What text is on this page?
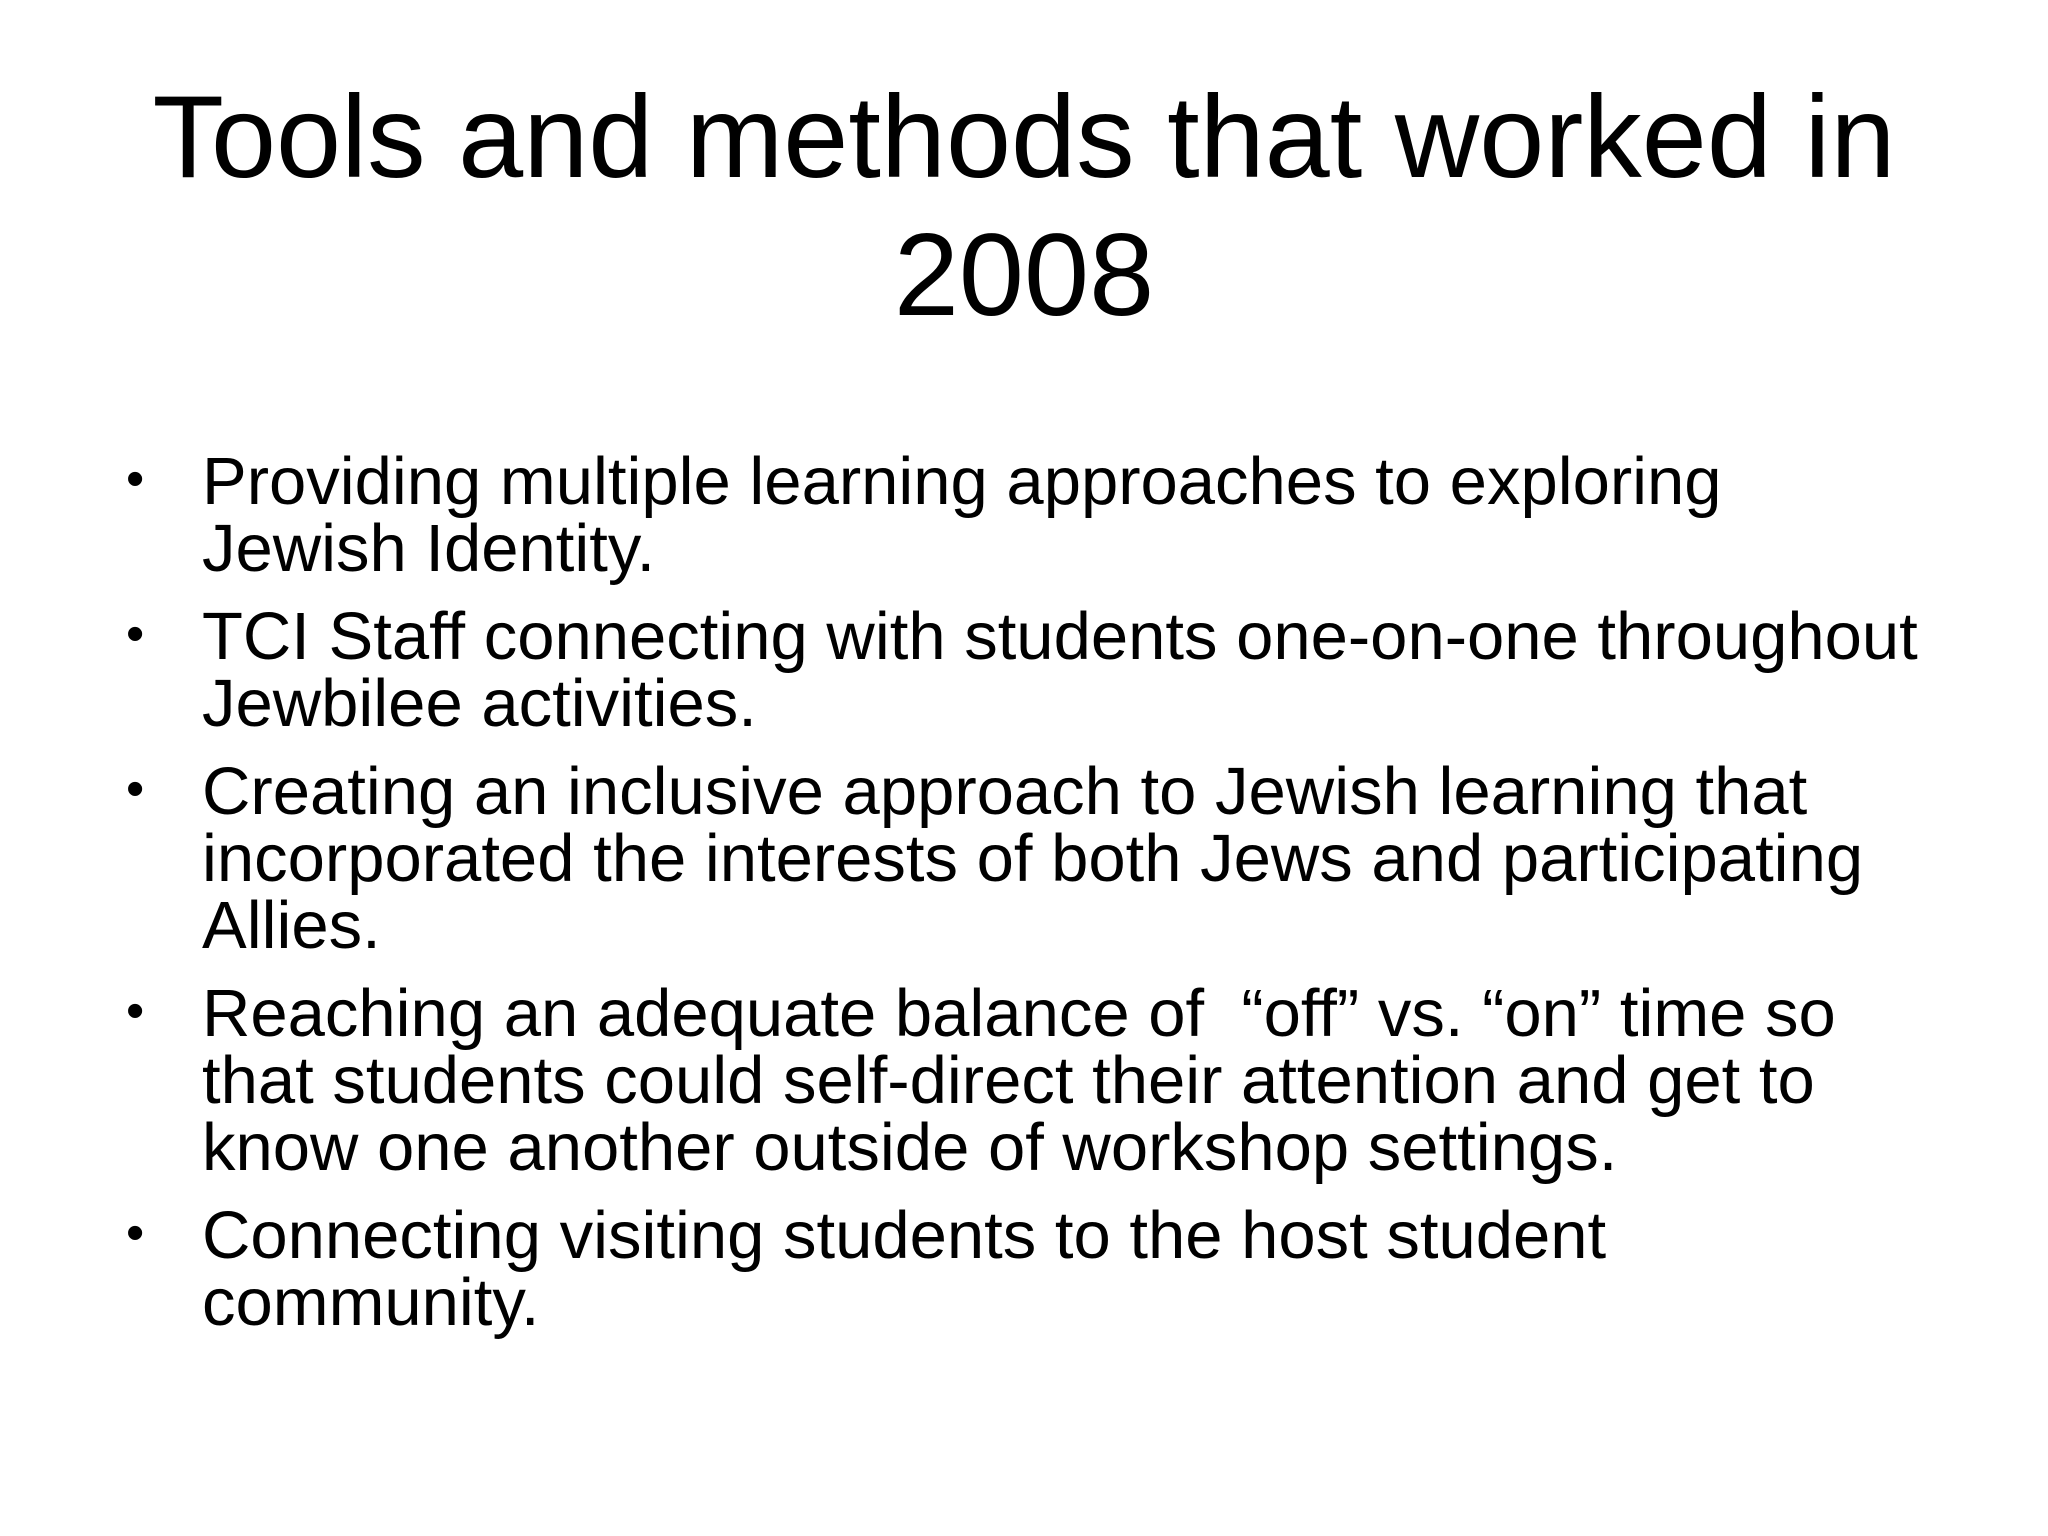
Tools and methods that worked in
2008
• Providing multiple learning approaches to exploring Jewish Identity.
• TCI Staff connecting with students one-on-one throughout Jewbilee activities.
• Creating an inclusive approach to Jewish learning that incorporated the interests of both Jews and participating Allies.
• Reaching an adequate balance of  “off” vs. “on” time so that students could self-direct their attention and get to know one another outside of workshop settings.
• Connecting visiting students to the host student community.
